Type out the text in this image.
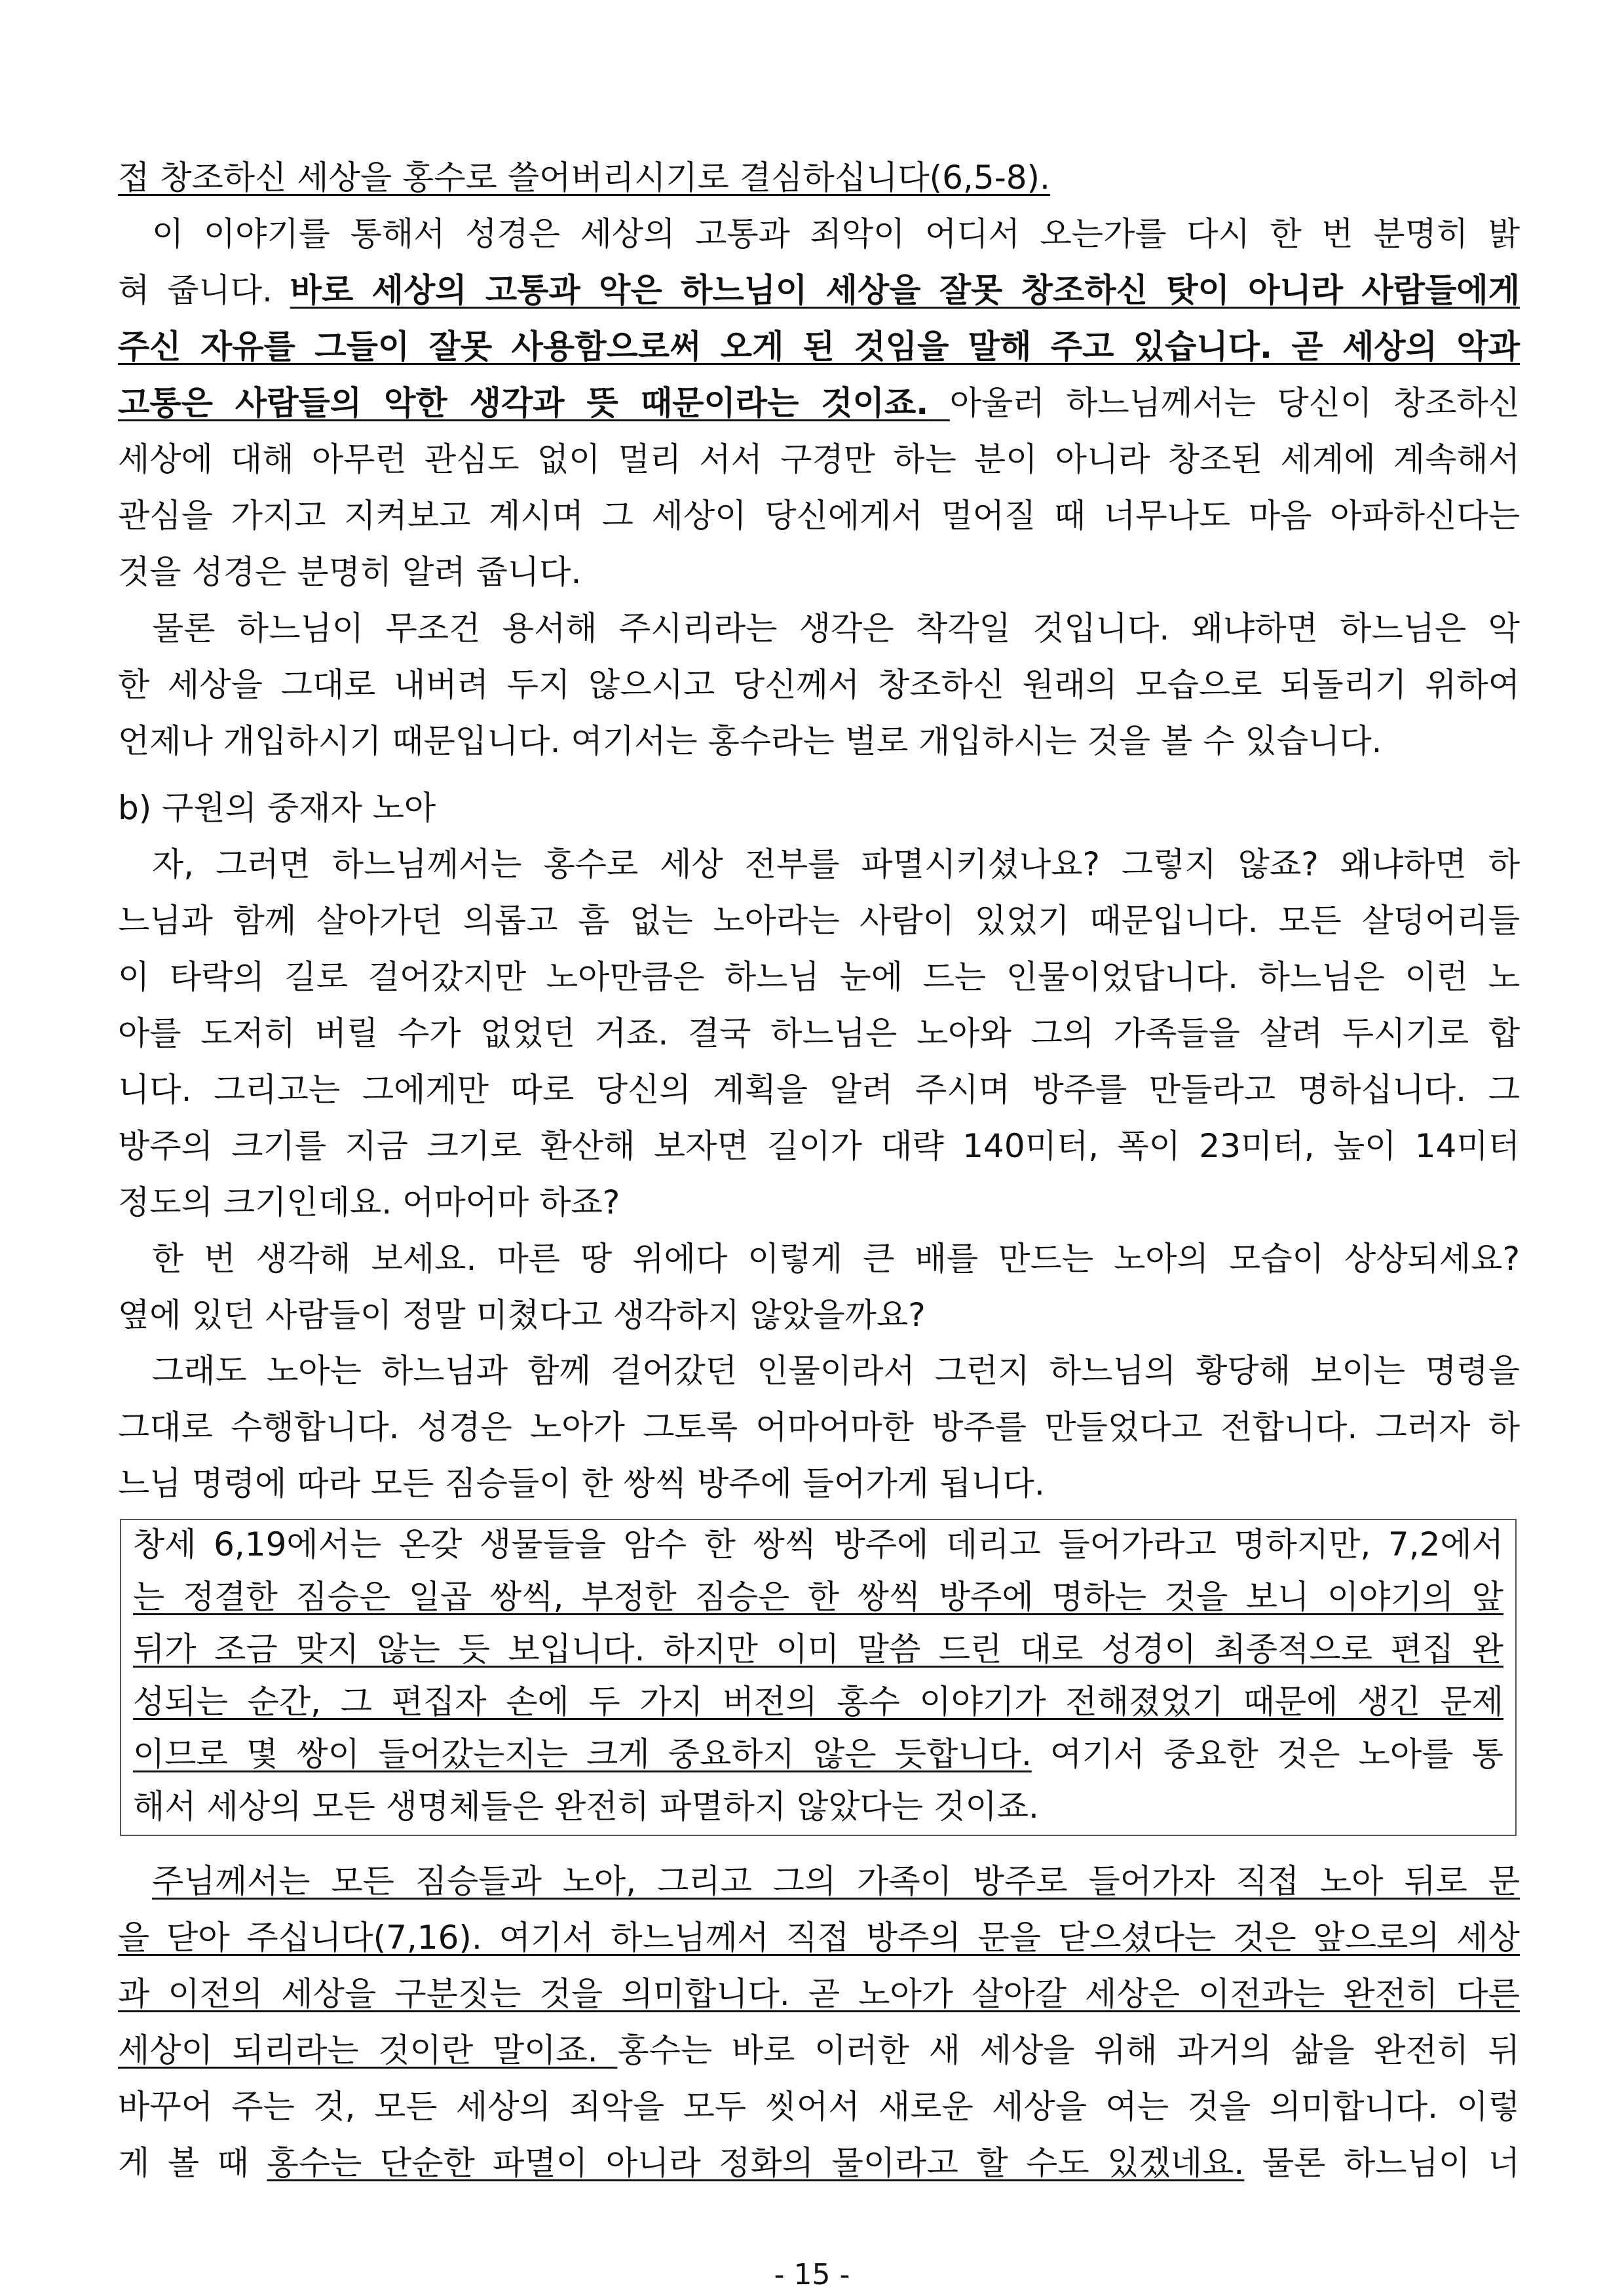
접 창조하신 세상을 홍수로 쓸어버리시기로 결심하십니다(6,5-8).
이 이야기를 통해서 성경은 세상의 고통과 죄악이 어디서 오는가를 다시 한 번 분명히 밝
혀 줍니다. 바로 세상의 고통과 악은 하느님이 세상을 잘못 창조하신 탓이 아니라 사람들에게
주신 자유를 그들이 잘못 사용함으로써 오게 된 것임을 말해 주고 있습니다. 곧 세상의 악과
고통은 사람들의 악한 생각과 뜻 때문이라는 것이죠. 아울러 하느님께서는 당신이 창조하신
세상에 대해 아무런 관심도 없이 멀리 서서 구경만 하는 분이 아니라 창조된 세계에 계속해서
관심을 가지고 지켜보고 계시며 그 세상이 당신에게서 멀어질 때 너무나도 마음 아파하신다는
것을 성경은 분명히 알려 줍니다.
물론 하느님이 무조건 용서해 주시리라는 생각은 착각일 것입니다. 왜냐하면 하느님은 악
한 세상을 그대로 내버려 두지 않으시고 당신께서 창조하신 원래의 모습으로 되돌리기 위하여
언제나 개입하시기 때문입니다. 여기서는 홍수라는 벌로 개입하시는 것을 볼 수 있습니다.
b) 구원의 중재자 노아
자, 그러면 하느님께서는 홍수로 세상 전부를 파멸시키셨나요? 그렇지 않죠? 왜냐하면 하
느님과 함께 살아가던 의롭고 흠 없는 노아라는 사람이 있었기 때문입니다. 모든 살덩어리들
이 타락의 길로 걸어갔지만 노아만큼은 하느님 눈에 드는 인물이었답니다. 하느님은 이런 노
아를 도저히 버릴 수가 없었던 거죠. 결국 하느님은 노아와 그의 가족들을 살려 두시기로 합
니다. 그리고는 그에게만 따로 당신의 계획을 알려 주시며 방주를 만들라고 명하십니다. 그
방주의 크기를 지금 크기로 환산해 보자면 길이가 대략 140미터, 폭이 23미터, 높이 14미터
정도의 크기인데요. 어마어마 하죠?
한 번 생각해 보세요. 마른 땅 위에다 이렇게 큰 배를 만드는 노아의 모습이 상상되세요?
옆에 있던 사람들이 정말 미쳤다고 생각하지 않았을까요?
그래도 노아는 하느님과 함께 걸어갔던 인물이라서 그런지 하느님의 황당해 보이는 명령을
그대로 수행합니다. 성경은 노아가 그토록 어마어마한 방주를 만들었다고 전합니다. 그러자 하
느님 명령에 따라 모든 짐승들이 한 쌍씩 방주에 들어가게 됩니다.
창세 6,19에서는 온갖 생물들을 암수 한 쌍씩 방주에 데리고 들어가라고 명하지만, 7,2에서
는 정결한 짐승은 일곱 쌍씩, 부정한 짐승은 한 쌍씩 방주에 명하는 것을 보니 이야기의 앞
뒤가 조금 맞지 않는 듯 보입니다. 하지만 이미 말씀 드린 대로 성경이 최종적으로 편집 완
성되는 순간, 그 편집자 손에 두 가지 버전의 홍수 이야기가 전해졌었기 때문에 생긴 문제
이므로 몇 쌍이 들어갔는지는 크게 중요하지 않은 듯합니다. 여기서 중요한 것은 노아를 통
해서 세상의 모든 생명체들은 완전히 파멸하지 않았다는 것이죠.
주님께서는 모든 짐승들과 노아, 그리고 그의 가족이 방주로 들어가자 직접 노아 뒤로 문
을 닫아 주십니다(7,16). 여기서 하느님께서 직접 방주의 문을 닫으셨다는 것은 앞으로의 세상
과 이전의 세상을 구분짓는 것을 의미합니다. 곧 노아가 살아갈 세상은 이전과는 완전히 다른
세상이 되리라는 것이란 말이죠. 홍수는 바로 이러한 새 세상을 위해 과거의 삶을 완전히 뒤
바꾸어 주는 것, 모든 세상의 죄악을 모두 씻어서 새로운 세상을 여는 것을 의미합니다. 이렇
게 볼 때 홍수는 단순한 파멸이 아니라 정화의 물이라고 할 수도 있겠네요. 물론 하느님이 너
- 15 -
